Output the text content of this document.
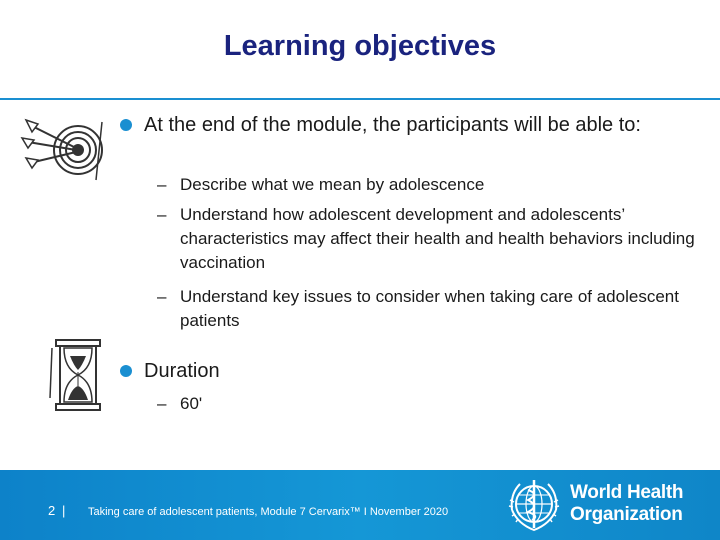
Learning objectives
At the end of the module, the participants will be able to:
– Describe what we mean by adolescence
– Understand how adolescent development and adolescents’ characteristics may affect their health and health behaviors including vaccination
– Understand key issues to consider when taking care of adolescent patients
Duration
– 60'
2 | Taking care of adolescent patients, Module 7 Cervarix™ I November 2020
World Health
Organization
